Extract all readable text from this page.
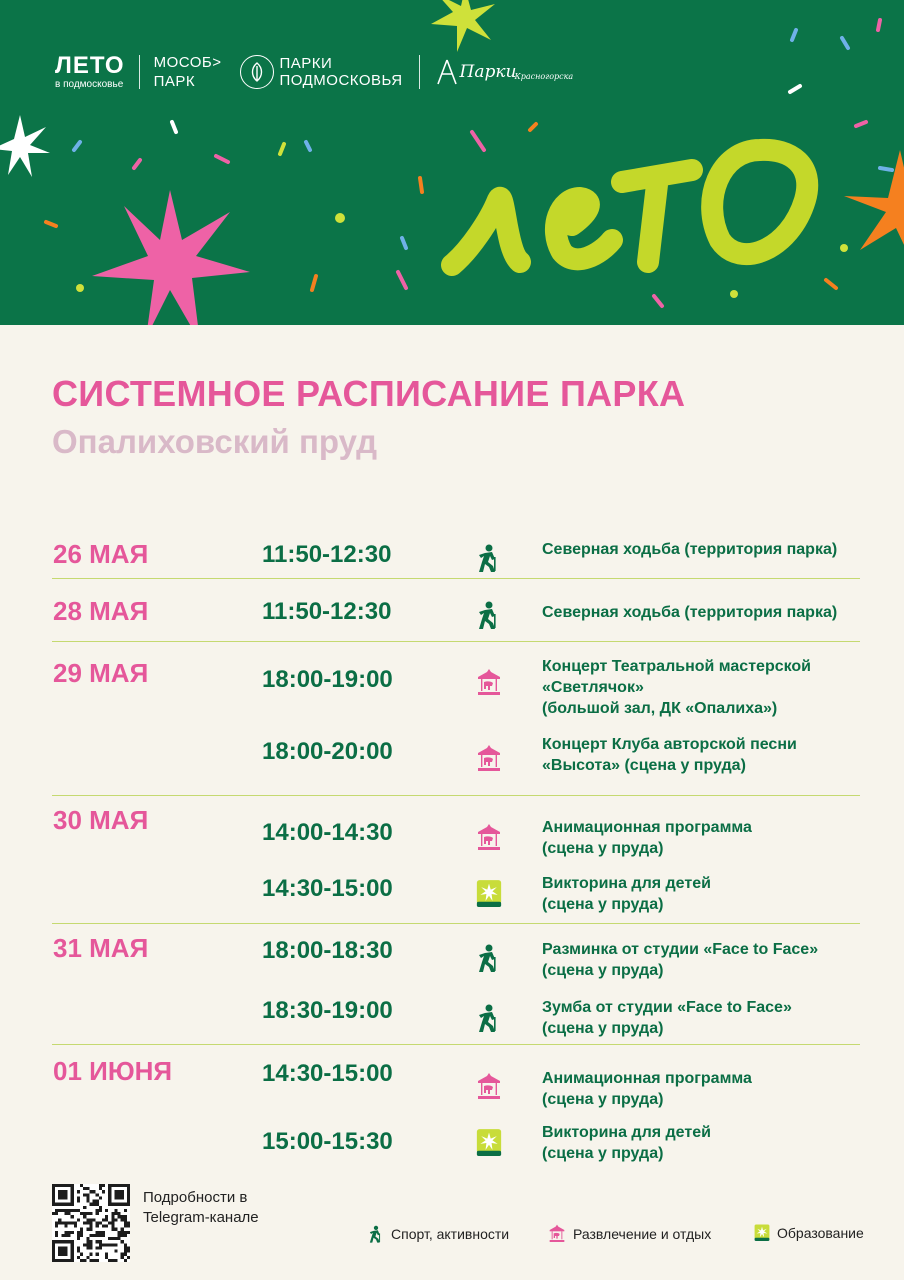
ЛЕТО
в подмосковье
МОСОБ>
ПАРК
ПАРКИ
ПОДМОСКОВЬЯ	Парки
Красногорска
СИСТЕМНОЕ РАСПИСАНИЕ ПАРКА
Опалиховский пруд
26 МАЯ	11:50-12:30	Северная ходьба (территория парка)
28 МАЯ	11:50-12:30	Северная ходьба (территория парка)
29 МАЯ	18:00-19:00	Концерт Театральной мастерской
«Светлячок»
(большой зал, ДК «Опалиха»)
18:00-20:00	Концерт Клуба авторской песни
«Высота» (сцена у пруда)
30 МАЯ	14:00-14:30	Анимационная программа
(сцена у пруда)
14:30-15:00	Викторина для детей
(сцена у пруда)
31 МАЯ	18:00-18:30	Разминка от студии «Face to Face»
(сцена у пруда)
18:30-19:00	Зумба от студии «Face to Face»
(сцена у пруда)
01 ИЮНЯ	14:30-15:00	Анимационная программа
(сцена у пруда)
15:00-15:30	Викторина для детей
(сцена у пруда)
Подробности в
Telegram-канале
Спорт, активности	Развлечение и отдых	Образование
